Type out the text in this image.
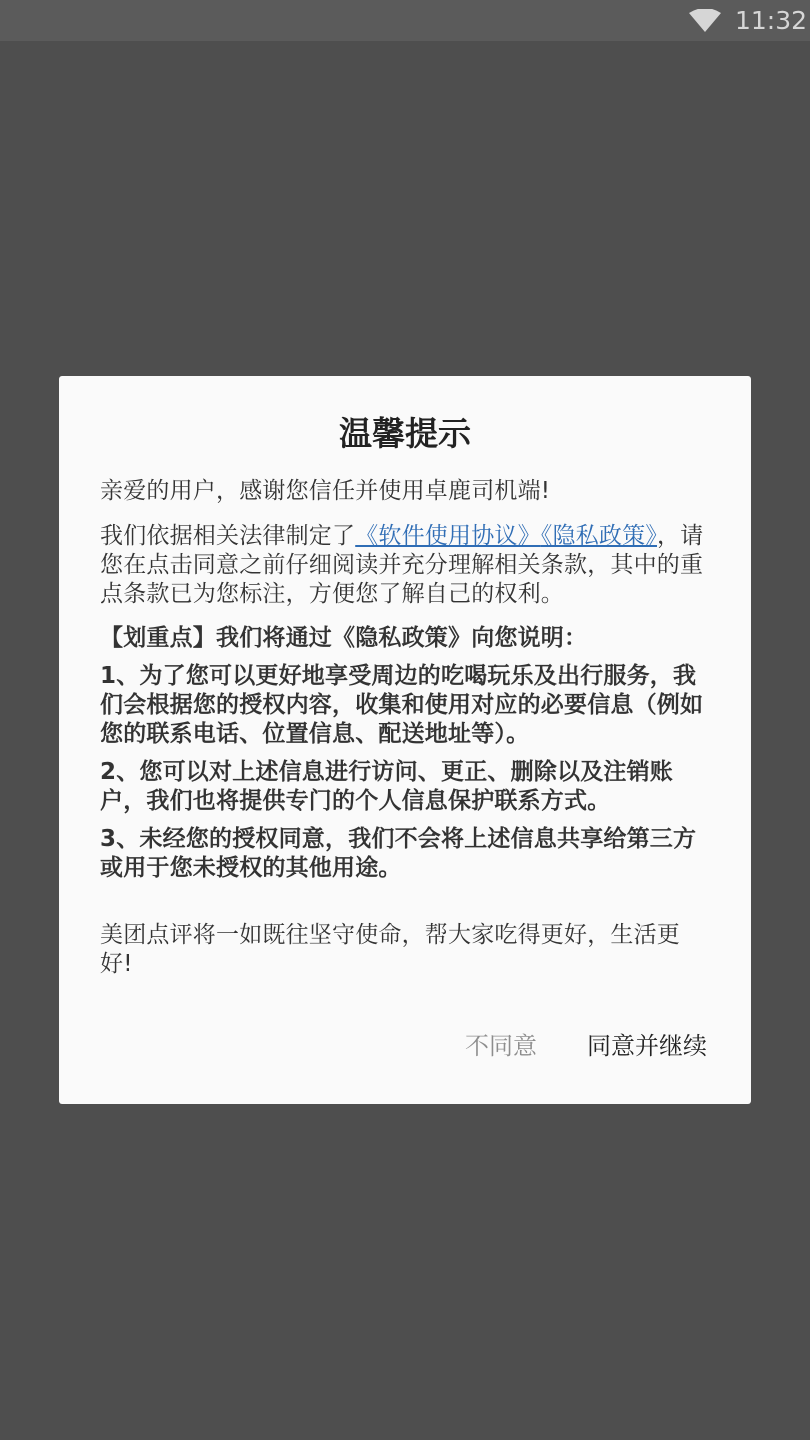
11:32
温馨提示

亲爱的用户，感谢您信任并使用卓鹿司机端!

我们依据相关法律制定了《软件使用协议》《隐私政策》，请您在点击同意之前仔细阅读并充分理解相关条款，其中的重点条款已为您标注，方便您了解自己的权利。

【划重点】我们将通过《隐私政策》向您说明：

1、为了您可以更好地享受周边的吃喝玩乐及出行服务，我们会根据您的授权内容，收集和使用对应的必要信息（例如您的联系电话、位置信息、配送地址等）。

2、您可以对上述信息进行访问、更正、删除以及注销账户，我们也将提供专门的个人信息保护联系方式。

3、未经您的授权同意，我们不会将上述信息共享给第三方或用于您未授权的其他用途。

美团点评将一如既往坚守使命，帮大家吃得更好，生活更好!

不同意 同意并继续
